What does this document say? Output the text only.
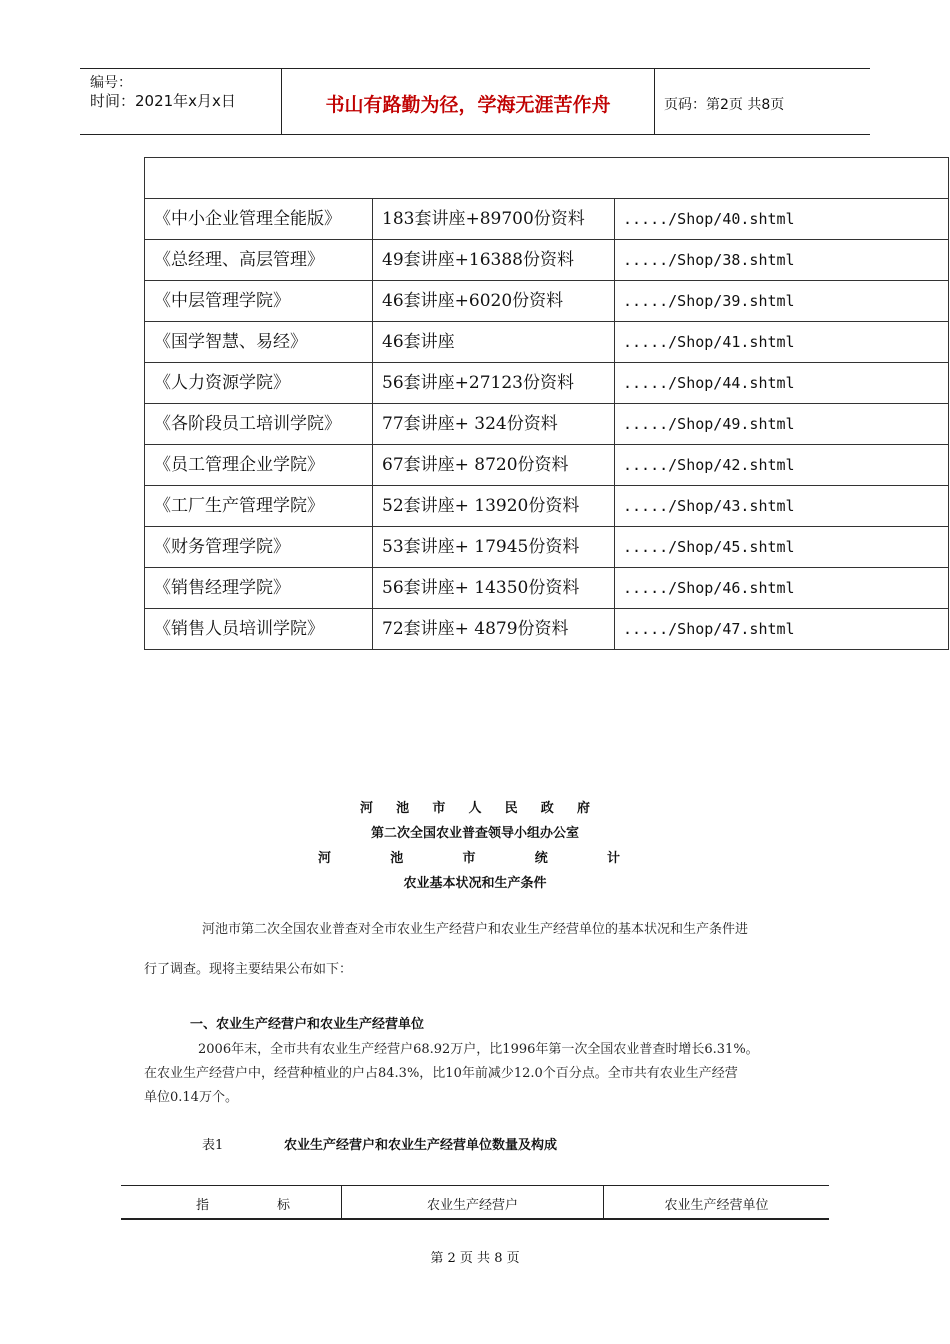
编号：
时间：2021年x月x日	书山有路勤为径，学海无涯苦作舟	页码：第2页 共8页

《中小企业管理全能版》	183套讲座+89700份资料	...../Shop/40.shtml
《总经理、高层管理》	49套讲座+16388份资料	...../Shop/38.shtml
《中层管理学院》	46套讲座+6020份资料	...../Shop/39.shtml
《国学智慧、易经》	46套讲座	...../Shop/41.shtml
《人力资源学院》	56套讲座+27123份资料	...../Shop/44.shtml
《各阶段员工培训学院》	77套讲座+ 324份资料	...../Shop/49.shtml
《员工管理企业学院》	67套讲座+ 8720份资料	...../Shop/42.shtml
《工厂生产管理学院》	52套讲座+ 13920份资料	...../Shop/43.shtml
《财务管理学院》	53套讲座+ 17945份资料	...../Shop/45.shtml
《销售经理学院》	56套讲座+ 14350份资料	...../Shop/46.shtml
《销售人员培训学院》	72套讲座+ 4879份资料	...../Shop/47.shtml
河 池 市 人 民 政 府
第二次全国农业普查领导小组办公室
河	池	市	统	计
农业基本状况和生产条件
河池市第二次全国农业普查对全市农业生产经营户和农业生产经营单位的基本状况和生产条件进
行了调查。现将主要结果公布如下：
一、农业生产经营户和农业生产经营单位
2006年末，全市共有农业生产经营户68.92万户，比1996年第一次全国农业普查时增长6.31%。
在农业生产经营户中，经营种植业的户占84.3%，比10年前减少12.0个百分点。全市共有农业生产经营
单位0.14万个。
表1	农业生产经营户和农业生产经营单位数量及构成
指	标	农业生产经营户	农业生产经营单位
第 2 页 共 8 页
